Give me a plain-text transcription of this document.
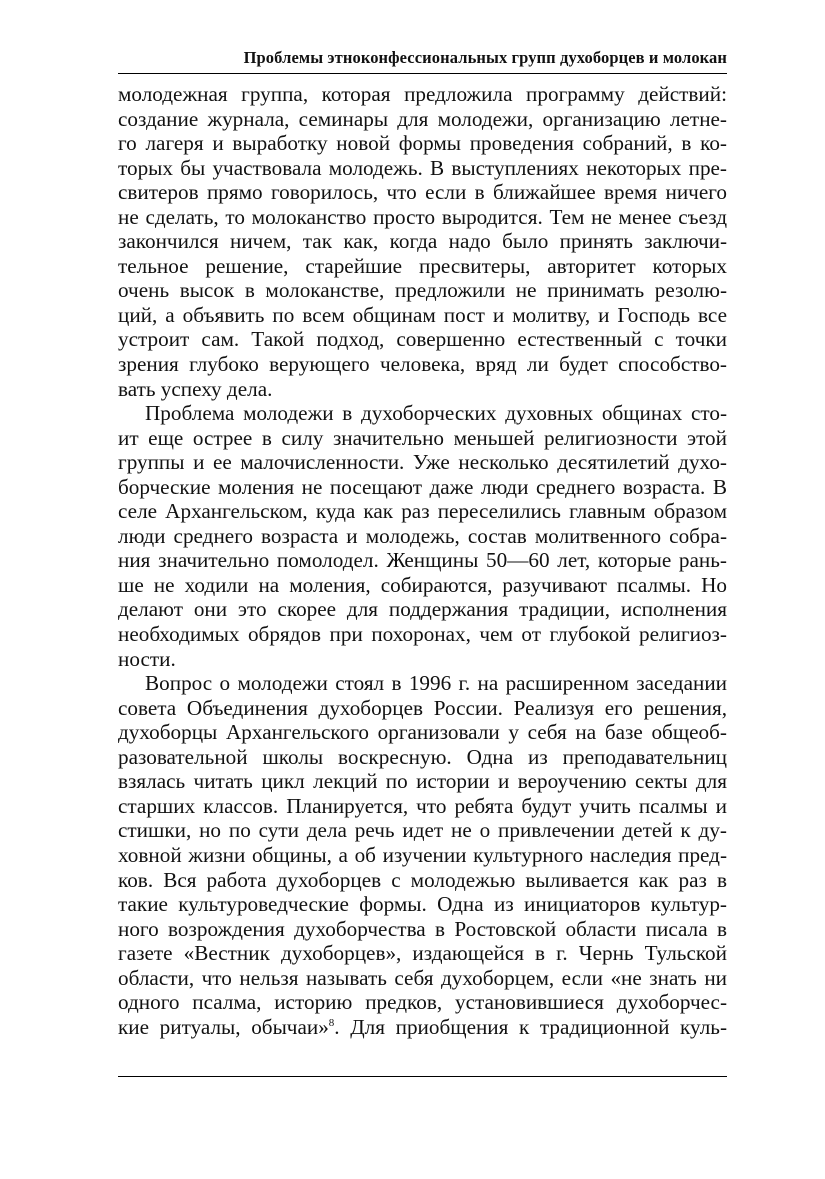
Проблемы этноконфессиональных групп духоборцев и молокан
молодежная группа, которая предложила программу действий:
создание журнала, семинары для молодежи, организацию летне-
го лагеря и выработку новой формы проведения собраний, в ко-
торых бы участвовала молодежь. В выступлениях некоторых пре-
свитеров прямо говорилось, что если в ближайшее время ничего
не сделать, то молоканство просто выродится. Тем не менее съезд
закончился ничем, так как, когда надо было принять заключи-
тельное решение, старейшие пресвитеры, авторитет которых
очень высок в молоканстве, предложили не принимать резолю-
ций, а объявить по всем общинам пост и молитву, и Господь все
устроит сам. Такой подход, совершенно естественный с точки
зрения глубоко верующего человека, вряд ли будет способство-
вать успеху дела.
Проблема молодежи в духоборческих духовных общинах сто-
ит еще острее в силу значительно меньшей религиозности этой
группы и ее малочисленности. Уже несколько десятилетий духо-
борческие моления не посещают даже люди среднего возраста. В
селе Архангельском, куда как раз переселились главным образом
люди среднего возраста и молодежь, состав молитвенного собра-
ния значительно помолодел. Женщины 50—60 лет, которые рань-
ше не ходили на моления, собираются, разучивают псалмы. Но
делают они это скорее для поддержания традиции, исполнения
необходимых обрядов при похоронах, чем от глубокой религиоз-
ности.
Вопрос о молодежи стоял в 1996 г. на расширенном заседании
совета Объединения духоборцев России. Реализуя его решения,
духоборцы Архангельского организовали у себя на базе общеоб-
разовательной школы воскресную. Одна из преподавательниц
взялась читать цикл лекций по истории и вероучению секты для
старших классов. Планируется, что ребята будут учить псалмы и
стишки, но по сути дела речь идет не о привлечении детей к ду-
ховной жизни общины, а об изучении культурного наследия пред-
ков. Вся работа духоборцев с молодежью выливается как раз в
такие культуроведческие формы. Одна из инициаторов культур-
ного возрождения духоборчества в Ростовской области писала в
газете «Вестник духоборцев», издающейся в г. Чернь Тульской
области, что нельзя называть себя духоборцем, если «не знать ни
одного псалма, историю предков, установившиеся духоборчес-
кие ритуалы, обычаи»$^8$. Для приобщения к традиционной куль-
